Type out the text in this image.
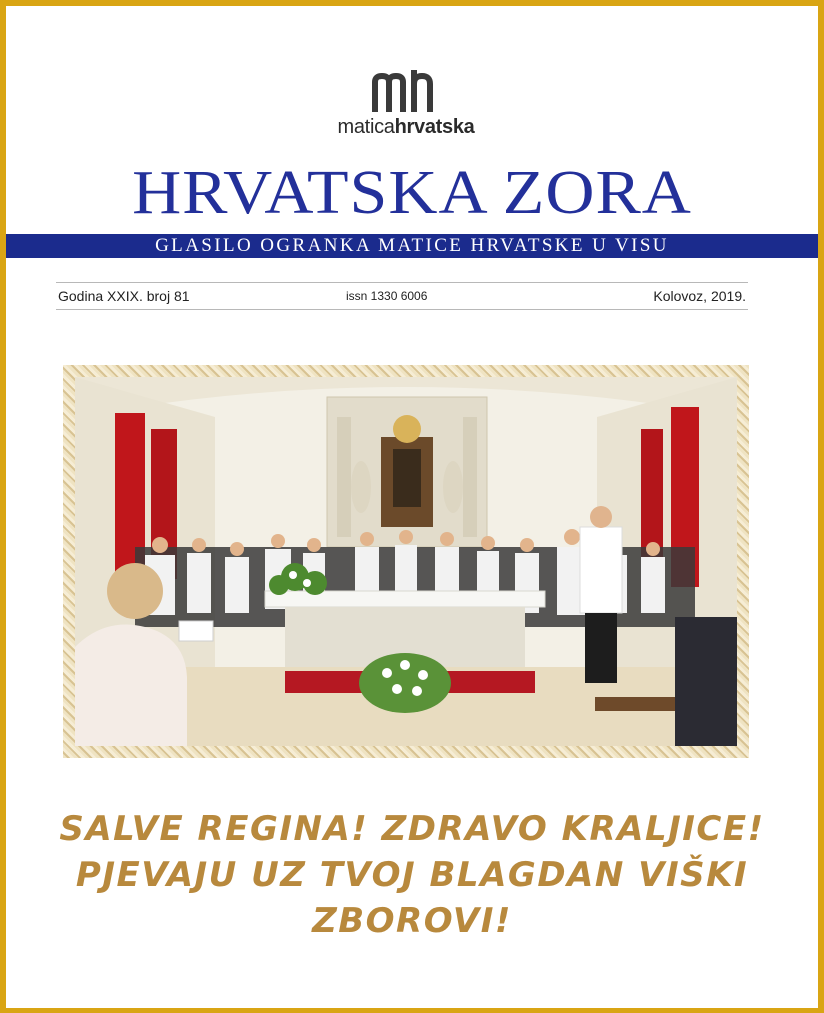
maticahrvatska
HRVATSKA ZORA
GLASILO OGRANKA MATICE HRVATSKE U VISU
Godina XXIX. broj 81	issn 1330 6006	Kolovoz, 2019.
SALVE REGINA! ZDRAVO KRALJICE!
PJEVAJU UZ TVOJ BLAGDAN VIŠKI
ZBOROVI!
